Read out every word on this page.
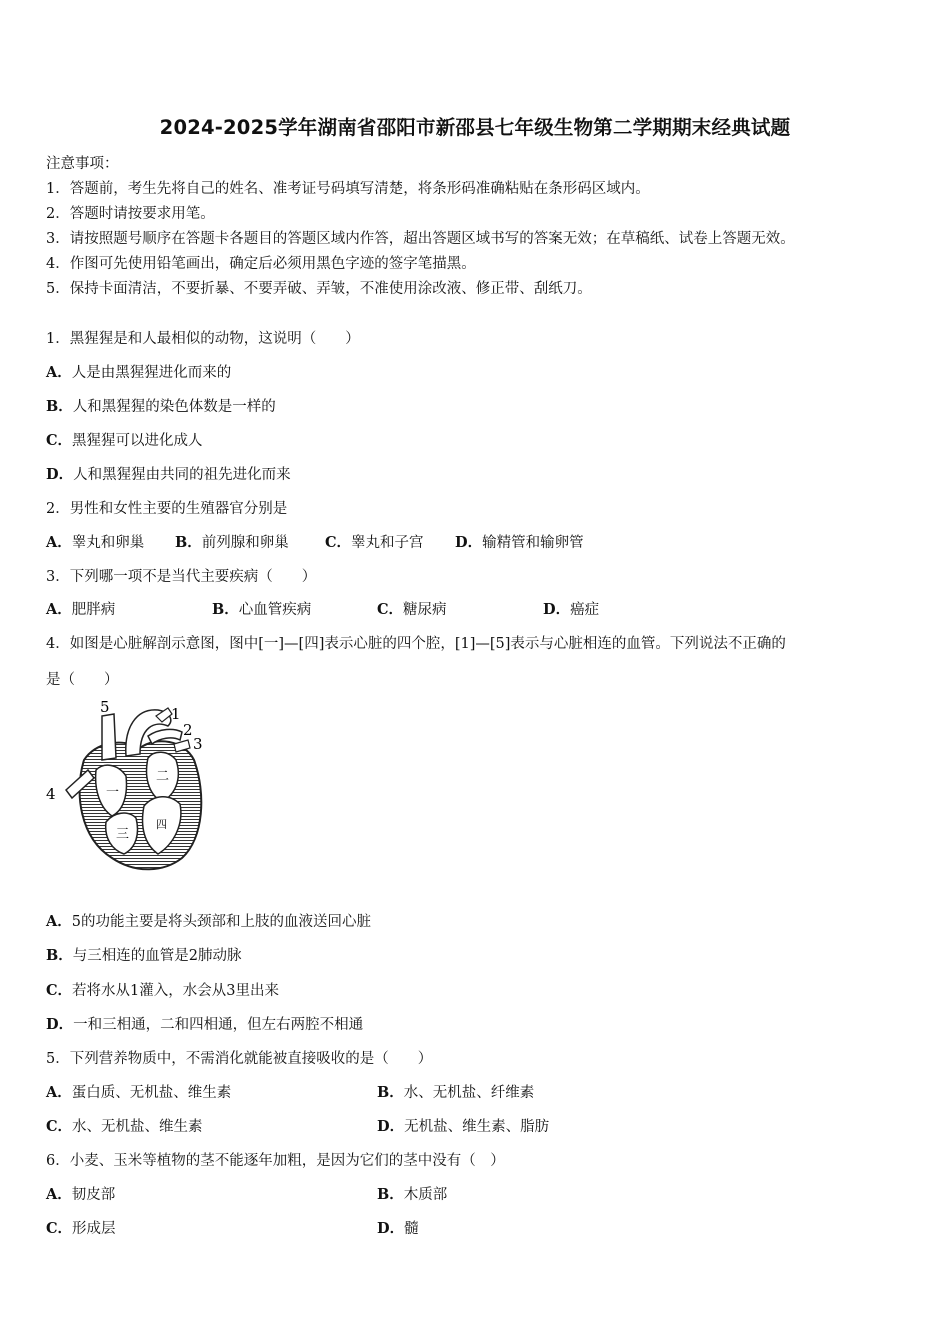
2024-2025学年湖南省邵阳市新邵县七年级生物第二学期期末经典试题
注意事项：
1．答题前，考生先将自己的姓名、准考证号码填写清楚，将条形码准确粘贴在条形码区域内。
2．答题时请按要求用笔。
3．请按照题号顺序在答题卡各题目的答题区域内作答，超出答题区域书写的答案无效；在草稿纸、试卷上答题无效。
4．作图可先使用铅笔画出，确定后必须用黑色字迹的签字笔描黑。
5．保持卡面清洁，不要折暴、不要弄破、弄皱，不准使用涂改液、修正带、刮纸刀。
1．黑猩猩是和人最相似的动物，这说明（　　）
A．人是由黑猩猩进化而来的
B．人和黑猩猩的染色体数是一样的
C．黑猩猩可以进化成人
D．人和黑猩猩由共同的祖先进化而来
2．男性和女性主要的生殖器官分别是
A．睾丸和卵巢 B．前列腺和卵巢 C．睾丸和子宫 D．输精管和输卵管
3．下列哪一项不是当代主要疾病（　　）
A．肥胖病	B．心血管疾病	C．糖尿病	D．癌症
4．如图是心脏解剖示意图，图中[一]—[四]表示心脏的四个腔，[1]—[5]表示与心脏相连的血管。下列说法不正确的
是（　　）
5	1
2
3
4	一
二
三
四
A．5的功能主要是将头颈部和上肢的血液送回心脏
B．与三相连的血管是2肺动脉
C．若将水从1灌入，水会从3里出来
D．一和三相通，二和四相通，但左右两腔不相通
5．下列营养物质中，不需消化就能被直接吸收的是（　　）
A．蛋白质、无机盐、维生素	B．水、无机盐、纤维素
C．水、无机盐、维生素	D．无机盐、维生素、脂肪
6．小麦、玉米等植物的茎不能逐年加粗，是因为它们的茎中没有（　）
A．韧皮部	B．木质部
C．形成层	D．髓
